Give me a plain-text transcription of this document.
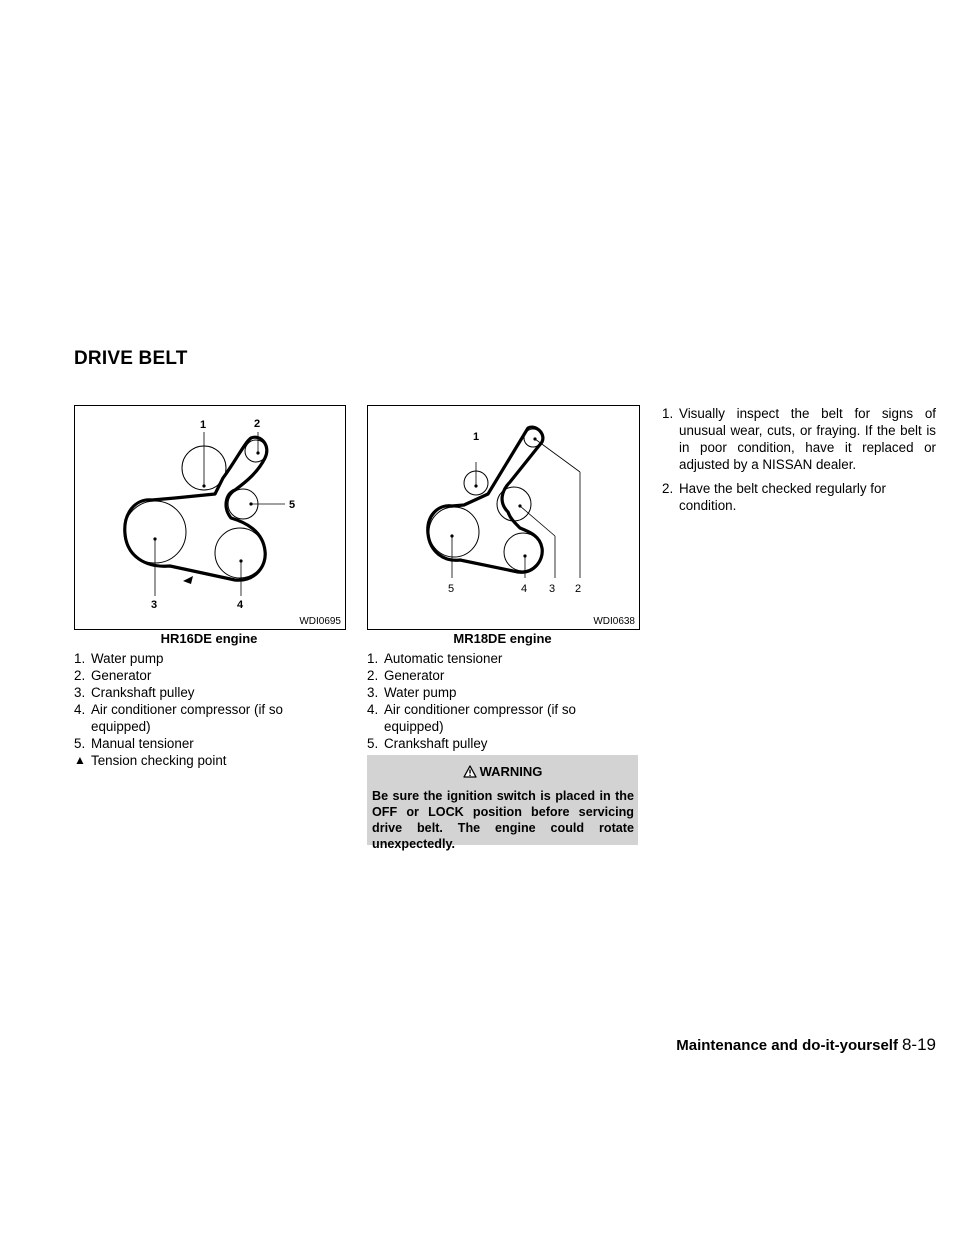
DRIVE BELT
1	2
5
3	4
WDI0695
HR16DE engine
1. Water pump
2. Generator
3. Crankshaft pulley
4. Air conditioner compressor (if so equipped)
5. Manual tensioner
▲ Tension checking point
1
5	4 3 2
WDI0638
MR18DE engine
1. Automatic tensioner
2. Generator
3. Water pump
4. Air conditioner compressor (if so equipped)
5. Crankshaft pulley
WARNING
Be sure the ignition switch is placed in the OFF or LOCK position before servicing drive belt. The engine could rotate unexpectedly.
1. Visually inspect the belt for signs of unusual wear, cuts, or fraying. If the belt is in poor condition, have it replaced or adjusted by a NISSAN dealer.
2. Have the belt checked regularly for condition.
Maintenance and do-it-yourself 8-19
